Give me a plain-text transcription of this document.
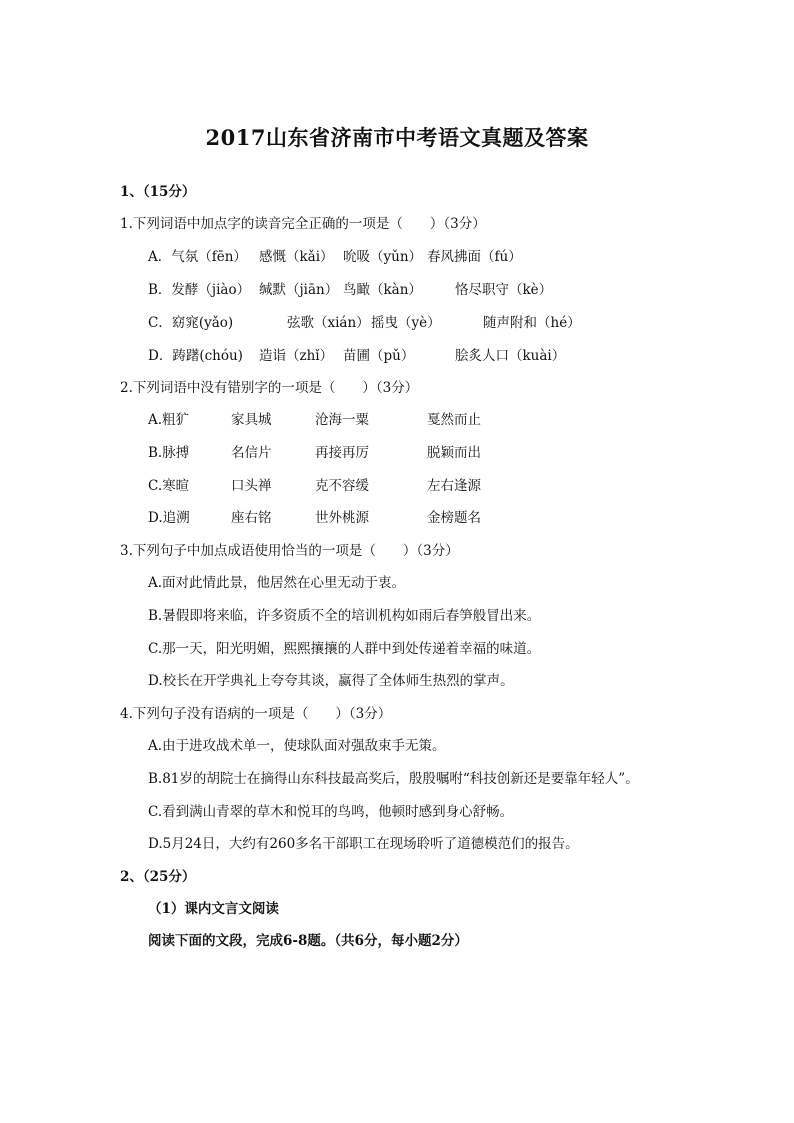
2017山东省济南市中考语文真题及答案
1、（15分）
1.下列词语中加点字的读音完全正确的一项是（　　）（3分）
A．气氛（fēn） 感慨（kǎi） 吮吸（yǔn） 春风拂面（fú）
B．发酵（jiào） 缄默（jiān） 鸟瞰（kàn） 恪尽职守（kè）
C．窈窕(yǎo)	弦歌（xián）摇曳（yè）	随声附和（hé）
D．踌躇(chóu) 造诣（zhǐ） 苗圃（pǔ）	脍炙人口（kuài）
2.下列词语中没有错别字的一项是（　　）（3分）
A.粗犷	家具城	沧海一粟	戛然而止
B.脉搏	名信片	再接再厉	脱颖而出
C.寒暄	口头禅	克不容缓	左右逢源
D.追溯	座右铭	世外桃源	金榜题名
3.下列句子中加点成语使用恰当的一项是（　　）（3分）
A.面对此情此景，他居然在心里无动于衷。
B.暑假即将来临，许多资质不全的培训机构如雨后春笋般冒出来。
C.那一天，阳光明媚，熙熙攘攘的人群中到处传递着幸福的味道。
D.校长在开学典礼上夸夸其谈，赢得了全体师生热烈的掌声。
4.下列句子没有语病的一项是（　　）（3分）
A.由于进攻战术单一，使球队面对强敌束手无策。
B.81岁的胡院士在摘得山东科技最高奖后，殷殷嘱咐“科技创新还是要靠年轻人”。
C.看到满山青翠的草木和悦耳的鸟鸣，他顿时感到身心舒畅。
D.5月24日，大约有260多名干部职工在现场聆听了道德模范们的报告。
2、（25分）
（1）课内文言文阅读
阅读下面的文段，完成6-8题。（共6分，每小题2分）
